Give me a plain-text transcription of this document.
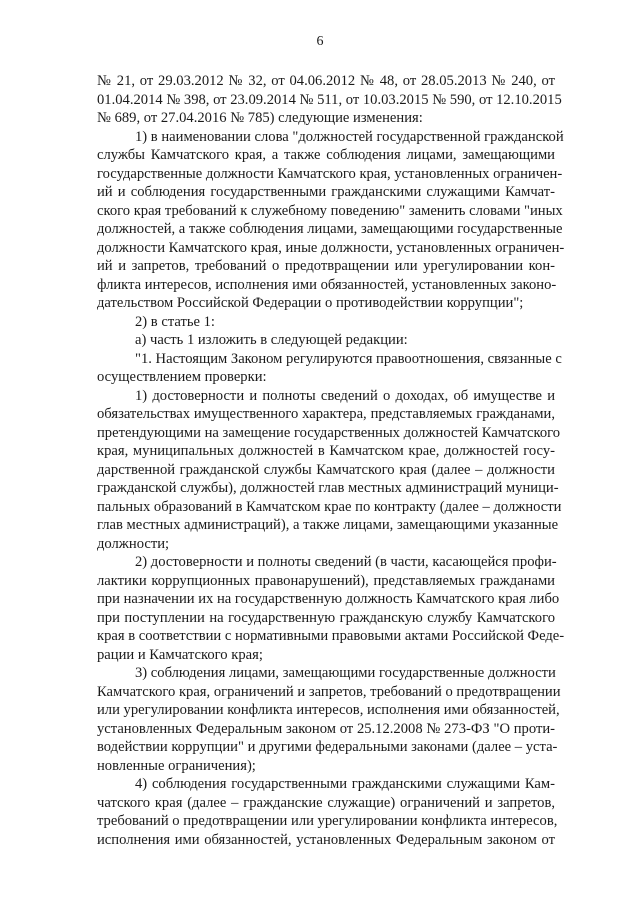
6
№ 21, от 29.03.2012 № 32, от 04.06.2012 № 48, от 28.05.2013 № 240, от
01.04.2014 № 398, от 23.09.2014 № 511, от 10.03.2015 № 590, от 12.10.2015
№ 689, от 27.04.2016 № 785) следующие изменения:
1) в наименовании слова "должностей государственной гражданской
службы Камчатского края, а также соблюдения лицами, замещающими
государственные должности Камчатского края, установленных ограничен-
ий и соблюдения государственными гражданскими служащими Камчат-
ского края требований к служебному поведению" заменить словами "иных
должностей, а также соблюдения лицами, замещающими государственные
должности Камчатского края, иные должности, установленных ограничен-
ий и запретов, требований о предотвращении или урегулировании кон-
фликта интересов, исполнения ими обязанностей, установленных законо-
дательством Российской Федерации о противодействии коррупции";
2) в статье 1:
а) часть 1 изложить в следующей редакции:
"1. Настоящим Законом регулируются правоотношения, связанные с
осуществлением проверки:
1) достоверности и полноты сведений о доходах, об имуществе и
обязательствах имущественного характера, представляемых гражданами,
претендующими на замещение государственных должностей Камчатского
края, муниципальных должностей в Камчатском крае, должностей госу-
дарственной гражданской службы Камчатского края (далее – должности
гражданской службы), должностей глав местных администраций муници-
пальных образований в Камчатском крае по контракту (далее – должности
глав местных администраций), а также лицами, замещающими указанные
должности;
2) достоверности и полноты сведений (в части, касающейся профи-
лактики коррупционных правонарушений), представляемых гражданами
при назначении их на государственную должность Камчатского края либо
при поступлении на государственную гражданскую службу Камчатского
края в соответствии с нормативными правовыми актами Российской Феде-
рации и Камчатского края;
3) соблюдения лицами, замещающими государственные должности
Камчатского края, ограничений и запретов, требований о предотвращении
или урегулировании конфликта интересов, исполнения ими обязанностей,
установленных Федеральным законом от 25.12.2008 № 273-ФЗ "О проти-
водействии коррупции" и другими федеральными законами (далее – уста-
новленные ограничения);
4) соблюдения государственными гражданскими служащими Кам-
чатского края (далее – гражданские служащие) ограничений и запретов,
требований о предотвращении или урегулировании конфликта интересов,
исполнения ими обязанностей, установленных Федеральным законом от
